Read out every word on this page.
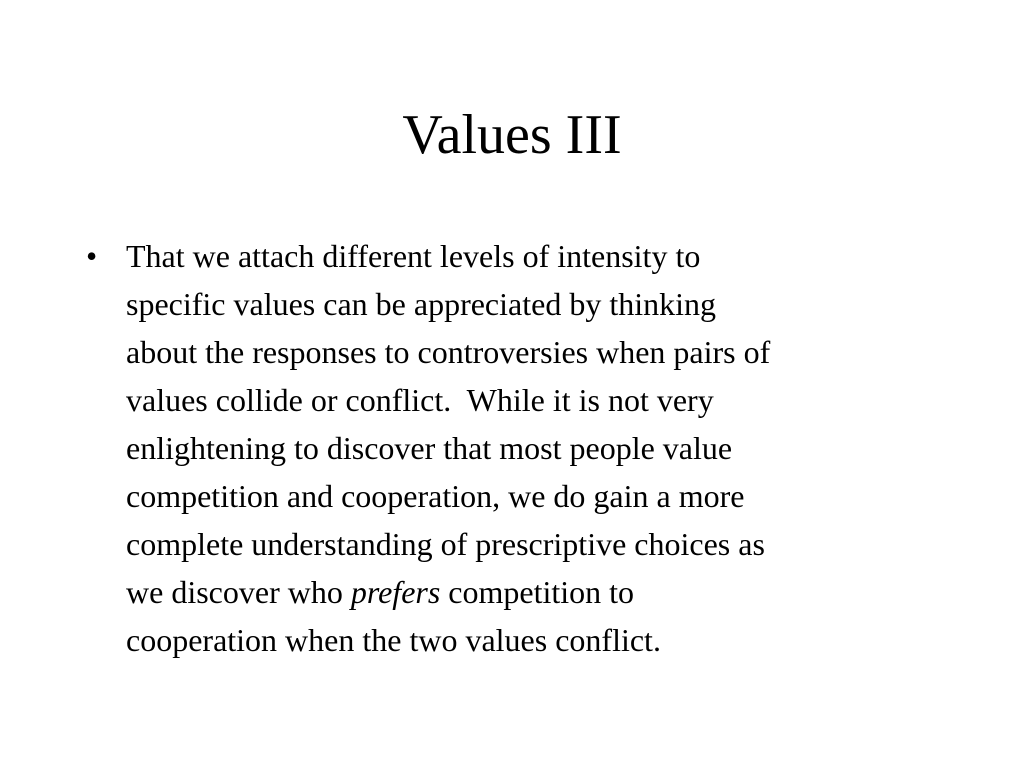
Values III
• That we attach different levels of intensity to
specific values can be appreciated by thinking
about the responses to controversies when pairs of
values collide or conflict.  While it is not very
enlightening to discover that most people value
competition and cooperation, we do gain a more
complete understanding of prescriptive choices as
we discover who prefers competition to
cooperation when the two values conflict.
